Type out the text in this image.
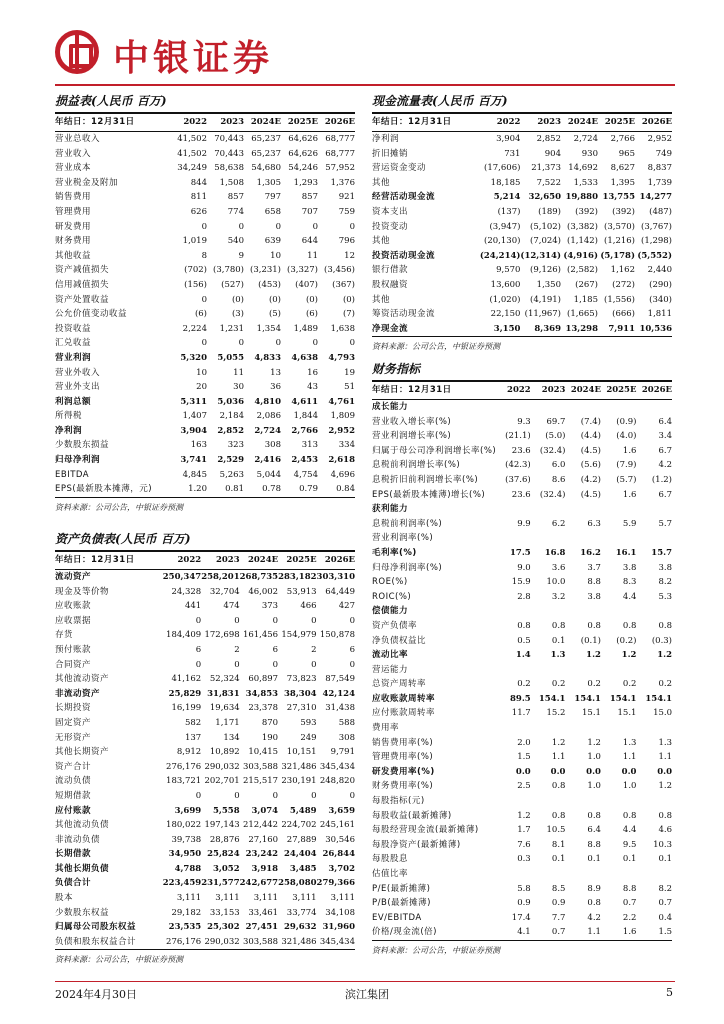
中银证券
损益表(人民币 百万)
年结日：12月31日	2022	2023	2024E	2025E	2026E
营业总收入	41,502	70,443	65,237	64,626	68,777
营业收入	41,502	70,443	65,237	64,626	68,777
营业成本	34,249	58,638	54,680	54,246	57,952
营业税金及附加	844	1,508	1,305	1,293	1,376
销售费用	811	857	797	857	921
管理费用	626	774	658	707	759
研发费用	0	0	0	0	0
财务费用	1,019	540	639	644	796
其他收益	8	9	10	11	12
资产减值损失	(702)	(3,780)	(3,231)	(3,327)	(3,456)
信用减值损失	(156)	(527)	(453)	(407)	(367)
资产处置收益	0	(0)	(0)	(0)	(0)
公允价值变动收益	(6)	(3)	(5)	(6)	(7)
投资收益	2,224	1,231	1,354	1,489	1,638
汇兑收益	0	0	0	0	0
营业利润	5,320	5,055	4,833	4,638	4,793
营业外收入	10	11	13	16	19
营业外支出	20	30	36	43	51
利润总额	5,311	5,036	4,810	4,611	4,761
所得税	1,407	2,184	2,086	1,844	1,809
净利润	3,904	2,852	2,724	2,766	2,952
少数股东损益	163	323	308	313	334
归母净利润	3,741	2,529	2,416	2,453	2,618
EBITDA	4,845	5,263	5,044	4,754	4,696
EPS(最新股本摊薄，元)	1.20	0.81	0.78	0.79	0.84
资料来源：公司公告，中银证券预测
资产负债表(人民币 百万)
年结日：12月31日	2022	2023	2024E	2025E	2026E
流动资产	250,347	258,201	268,735	283,182	303,310
现金及等价物	24,328	32,704	46,002	53,913	64,449
应收账款	441	474	373	466	427
应收票据	0	0	0	0	0
存货	184,409	172,698	161,456	154,979	150,878
预付账款	6	2	6	2	6
合同资产	0	0	0	0	0
其他流动资产	41,162	52,324	60,897	73,823	87,549
非流动资产	25,829	31,831	34,853	38,304	42,124
长期投资	16,199	19,634	23,378	27,310	31,438
固定资产	582	1,171	870	593	588
无形资产	137	134	190	249	308
其他长期资产	8,912	10,892	10,415	10,151	9,791
资产合计	276,176	290,032	303,588	321,486	345,434
流动负债	183,721	202,701	215,517	230,191	248,820
短期借款	0	0	0	0	0
应付账款	3,699	5,558	3,074	5,489	3,659
其他流动负债	180,022	197,143	212,442	224,702	245,161
非流动负债	39,738	28,876	27,160	27,889	30,546
长期借款	34,950	25,824	23,242	24,404	26,844
其他长期负债	4,788	3,052	3,918	3,485	3,702
负债合计	223,459	231,577	242,677	258,080	279,366
股本	3,111	3,111	3,111	3,111	3,111
少数股东权益	29,182	33,153	33,461	33,774	34,108
归属母公司股东权益	23,535	25,302	27,451	29,632	31,960
负债和股东权益合计	276,176	290,032	303,588	321,486	345,434
资料来源：公司公告，中银证券预测
现金流量表(人民币 百万)
年结日：12月31日	2022	2023	2024E	2025E	2026E
净利润	3,904	2,852	2,724	2,766	2,952
折旧摊销	731	904	930	965	749
营运资金变动	(17,606)	21,373	14,692	8,627	8,837
其他	18,185	7,522	1,533	1,395	1,739
经营活动现金流	5,214	32,650	19,880	13,755	14,277
资本支出	(137)	(189)	(392)	(392)	(487)
投资变动	(3,947)	(5,102)	(3,382)	(3,570)	(3,767)
其他	(20,130)	(7,024)	(1,142)	(1,216)	(1,298)
投资活动现金流	(24,214)	(12,314)	(4,916)	(5,178)	(5,552)
银行借款	9,570	(9,126)	(2,582)	1,162	2,440
股权融资	13,600	1,350	(267)	(272)	(290)
其他	(1,020)	(4,191)	1,185	(1,556)	(340)
筹资活动现金流	22,150	(11,967)	(1,665)	(666)	1,811
净现金流	3,150	8,369	13,298	7,911	10,536
资料来源：公司公告，中银证券预测
财务指标
年结日：12月31日	2022	2023	2024E	2025E	2026E
成长能力					
营业收入增长率(%)	9.3	69.7	(7.4)	(0.9)	6.4
营业利润增长率(%)	(21.1)	(5.0)	(4.4)	(4.0)	3.4
归属于母公司净利润增长率(%)	23.6	(32.4)	(4.5)	1.6	6.7
息税前利润增长率(%)	(42.3)	6.0	(5.6)	(7.9)	4.2
息税折旧前利润增长率(%)	(37.6)	8.6	(4.2)	(5.7)	(1.2)
EPS(最新股本摊薄)增长(%)	23.6	(32.4)	(4.5)	1.6	6.7
获利能力					
息税前利润率(%)	9.9	6.2	6.3	5.9	5.7
营业利润率(%)					
毛利率(%)	17.5	16.8	16.2	16.1	15.7
归母净利润率(%)	9.0	3.6	3.7	3.8	3.8
ROE(%)	15.9	10.0	8.8	8.3	8.2
ROIC(%)	2.8	3.2	3.8	4.4	5.3
偿债能力					
资产负债率	0.8	0.8	0.8	0.8	0.8
净负债权益比	0.5	0.1	(0.1)	(0.2)	(0.3)
流动比率	1.4	1.3	1.2	1.2	1.2
营运能力					
总资产周转率	0.2	0.2	0.2	0.2	0.2
应收账款周转率	89.5	154.1	154.1	154.1	154.1
应付账款周转率	11.7	15.2	15.1	15.1	15.0
费用率					
销售费用率(%)	2.0	1.2	1.2	1.3	1.3
管理费用率(%)	1.5	1.1	1.0	1.1	1.1
研发费用率(%)	0.0	0.0	0.0	0.0	0.0
财务费用率(%)	2.5	0.8	1.0	1.0	1.2
每股指标(元)					
每股收益(最新摊薄)	1.2	0.8	0.8	0.8	0.8
每股经营现金流(最新摊薄)	1.7	10.5	6.4	4.4	4.6
每股净资产(最新摊薄)	7.6	8.1	8.8	9.5	10.3
每股股息	0.3	0.1	0.1	0.1	0.1
估值比率					
P/E(最新摊薄)	5.8	8.5	8.9	8.8	8.2
P/B(最新摊薄)	0.9	0.9	0.8	0.7	0.7
EV/EBITDA	17.4	7.7	4.2	2.2	0.4
价格/现金流(倍)	4.1	0.7	1.1	1.6	1.5
资料来源：公司公告，中银证券预测
2024年4月30日	滨江集团	5
